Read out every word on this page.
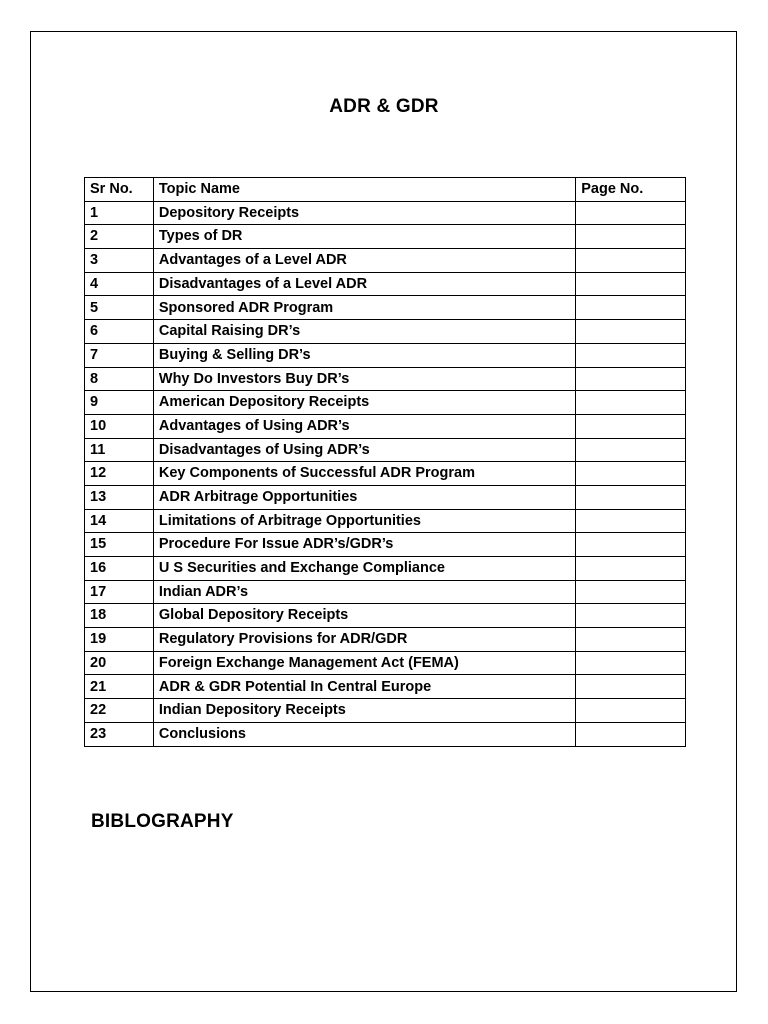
ADR & GDR
Sr No.	Topic Name	Page No.
1	Depository Receipts	
2	Types of DR	
3	Advantages of a Level ADR	
4	Disadvantages of a Level ADR	
5	Sponsored ADR Program	
6	Capital Raising DR’s	
7	Buying & Selling DR’s	
8	Why Do Investors Buy DR’s	
9	American Depository Receipts	
10	Advantages of Using ADR’s	
11	Disadvantages of Using ADR’s	
12	Key Components of Successful ADR Program	
13	ADR Arbitrage Opportunities	
14	Limitations of Arbitrage Opportunities	
15	Procedure For Issue ADR’s/GDR’s	
16	U S Securities and Exchange Compliance	
17	Indian ADR’s	
18	Global Depository Receipts	
19	Regulatory Provisions for ADR/GDR	
20	Foreign Exchange Management Act (FEMA)	
21	ADR & GDR Potential In Central Europe	
22	Indian Depository Receipts	
23	Conclusions	
BIBLOGRAPHY
